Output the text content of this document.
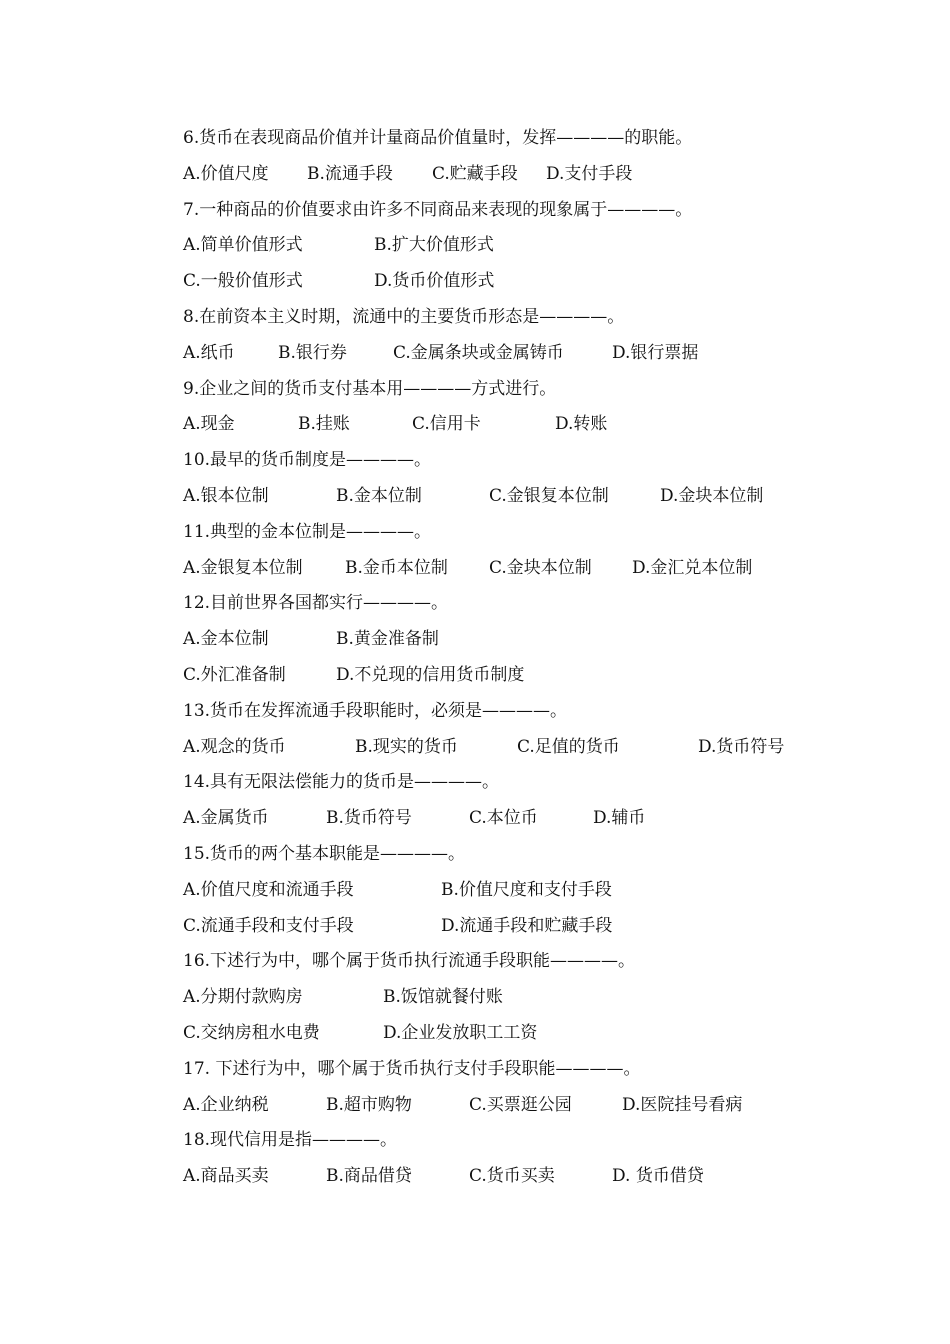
6.货币在表现商品价值并计量商品价值量时，发挥————的职能。
A.价值尺度 B.流通手段 C.贮藏手段 D.支付手段
7.一种商品的价值要求由许多不同商品来表现的现象属于————。
A.简单价值形式	B.扩大价值形式
C.一般价值形式	D.货币价值形式
8.在前资本主义时期，流通中的主要货币形态是————。
A.纸币	B.银行券	C.金属条块或金属铸币	D.银行票据
9.企业之间的货币支付基本用————方式进行。
A.现金	B.挂账	C.信用卡	D.转账
10.最早的货币制度是————。
A.银本位制	B.金本位制	C.金银复本位制	D.金块本位制
11.典型的金本位制是————。
A.金银复本位制 B.金币本位制 C.金块本位制 D.金汇兑本位制
12.目前世界各国都实行————。
A.金本位制	B.黄金准备制
C.外汇准备制	D.不兑现的信用货币制度
13.货币在发挥流通手段职能时，必须是————。
A.观念的货币	B.现实的货币	C.足值的货币	D.货币符号
14.具有无限法偿能力的货币是————。
A.金属货币	B.货币符号	C.本位币	D.辅币
15.货币的两个基本职能是————。
A.价值尺度和流通手段	B.价值尺度和支付手段
C.流通手段和支付手段	D.流通手段和贮藏手段
16.下述行为中，哪个属于货币执行流通手段职能————。
A.分期付款购房	B.饭馆就餐付账
C.交纳房租水电费	D.企业发放职工工资
17. 下述行为中，哪个属于货币执行支付手段职能————。
A.企业纳税	B.超市购物	C.买票逛公园	D.医院挂号看病
18.现代信用是指————。
A.商品买卖	B.商品借贷	C.货币买卖	D. 货币借贷
